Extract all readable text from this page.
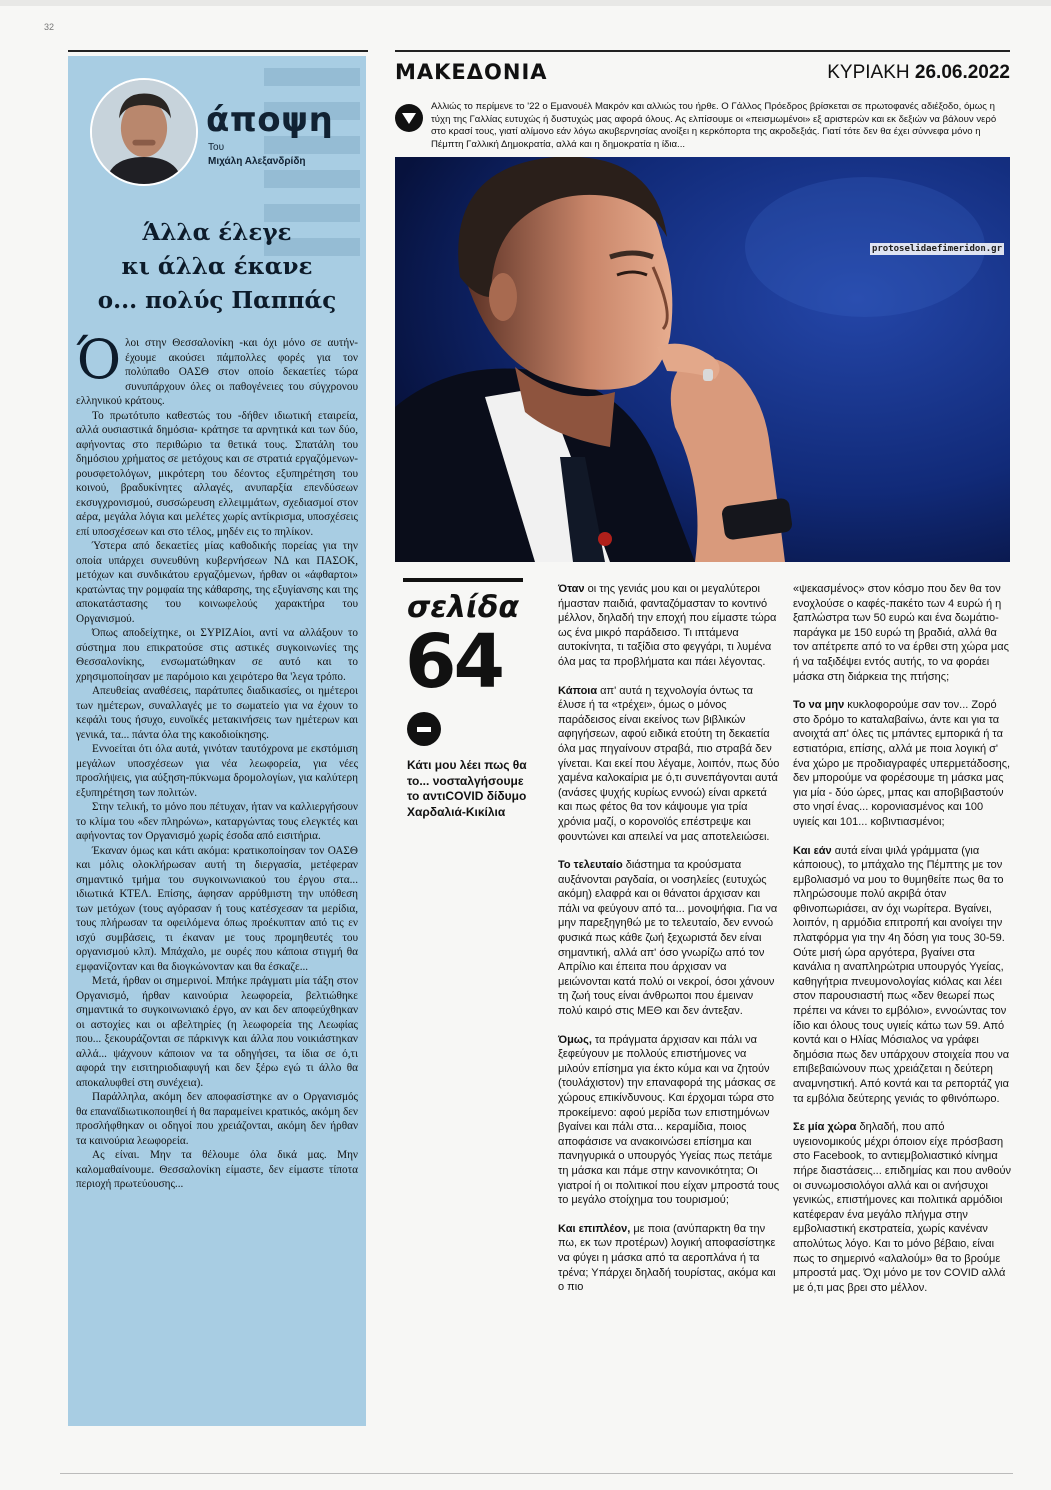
32
άποψη
Του
Μιχάλη Αλεξανδρίδη
Άλλα έλεγε
κι άλλα έκανε
ο... πολύς Παππάς

Όλοι στην Θεσσαλονίκη -και όχι μόνο σε αυτήν- έχουμε ακούσει πάμπολλες φορές για τον πολύπαθο ΟΑΣΘ στον οποίο δεκαετίες τώρα συνυπάρχουν όλες οι παθογένειες του σύγχρονου ελληνικού κράτους.

Το πρωτότυπο καθεστώς του -δήθεν ιδιωτική εταιρεία, αλλά ουσιαστικά δημόσια- κράτησε τα αρνητικά και των δύο, αφήνοντας στο περιθώριο τα θετικά τους. Σπατάλη του δημόσιου χρήματος σε μετόχους και σε στρατιά εργαζόμενων-ρουσφετολόγων, μικρότερη του δέοντος εξυπηρέτηση του κοινού, βραδυκίνητες αλλαγές, ανυπαρξία επενδύσεων εκσυγχρονισμού, συσσώρευση ελλειμμάτων, σχεδιασμοί στον αέρα, μεγάλα λόγια και μελέτες χωρίς αντίκρισμα, υποσχέσεις επί υποσχέσεων και στο τέλος, μηδέν εις το πηλίκον.

Ύστερα από δεκαετίες μίας καθοδικής πορείας για την οποία υπάρχει συνευθύνη κυβερνήσεων ΝΔ και ΠΑΣΟΚ, μετόχων και συνδικάτου εργαζόμενων, ήρθαν οι «άφθαρτοι» κρατώντας την ρομφαία της κάθαρσης, της εξυγίανσης και της αποκατάστασης του κοινωφελούς χαρακτήρα του Οργανισμού.

Όπως αποδείχτηκε, οι ΣΥΡΙΖΑίοι, αντί να αλλάξουν το σύστημα που επικρατούσε στις αστικές συγκοινωνίες της Θεσσαλονίκης, ενσωματώθηκαν σε αυτό και το χρησιμοποίησαν με παρόμοιο και χειρότερο θα 'λεγα τρόπο.

Απευθείας αναθέσεις, παράτυπες διαδικασίες, οι ημέτεροι των ημέτερων, συναλλαγές με το σωματείο για να έχουν το κεφάλι τους ήσυχο, ευνοϊκές μετακινήσεις των ημέτερων και γενικά, τα... πάντα όλα της κακοδιοίκησης.

Εννοείται ότι όλα αυτά, γινόταν ταυτόχρονα με εκστόμιση μεγάλων υποσχέσεων για νέα λεωφορεία, για νέες προσλήψεις, για αύξηση-πύκνωμα δρομολογίων, για καλύτερη εξυπηρέτηση των πολιτών.

Στην τελική, το μόνο που πέτυχαν, ήταν να καλλιεργήσουν το κλίμα του «δεν πληρώνω», καταργώντας τους ελεγκτές και αφήνοντας τον Οργανισμό χωρίς έσοδα από εισιτήρια.

Έκαναν όμως και κάτι ακόμα: κρατικοποίησαν τον ΟΑΣΘ και μόλις ολοκλήρωσαν αυτή τη διεργασία, μετέφεραν σημαντικό τμήμα του συγκοινωνιακού του έργου στα... ιδιωτικά ΚΤΕΛ. Επίσης, άφησαν αρρύθμιστη την υπόθεση των μετόχων (τους αγόρασαν ή τους κατέσχεσαν τα μερίδια, τους πλήρωσαν τα οφειλόμενα όπως προέκυπταν από τις εν ισχύ συμβάσεις, τι έκαναν με τους προμηθευτές του οργανισμού κλπ). Μπάχαλο, με ουρές που κάποια στιγμή θα εμφανίζονταν και θα διογκώνονταν και θα έσκαζε...

Μετά, ήρθαν οι σημερινοί. Μπήκε πράγματι μία τάξη στον Οργανισμό, ήρθαν καινούρια λεωφορεία, βελτιώθηκε σημαντικά το συγκοινωνιακό έργο, αν και δεν αποφεύχθηκαν οι αστοχίες και οι αβελτηρίες (η λεωφορεία της Λεωφίας που... ξεκουράζονται σε πάρκινγκ και άλλα που νοικιάστηκαν αλλά... ψάχνουν κάποιον να τα οδηγήσει, τα ίδια σε ό,τι αφορά την εισιτηριοδιαφυγή και δεν ξέρω εγώ τι άλλο θα αποκαλυφθεί στη συνέχεια).

Παράλληλα, ακόμη δεν αποφασίστηκε αν ο Οργανισμός θα επαναϊδιωτικοποιηθεί ή θα παραμείνει κρατικός, ακόμη δεν προσλήφθηκαν οι οδηγοί που χρειάζονται, ακόμη δεν ήρθαν τα καινούρια λεωφορεία.

Ας είναι. Μην τα θέλουμε όλα δικά μας. Μην καλομαθαίνουμε. Θεσσαλονίκη είμαστε, δεν είμαστε τίποτα περιοχή πρωτεύουσης...

ΜΑΚΕΔΟΝΙΑ	ΚΥΡΙΑΚΗ 26.06.2022

Αλλιώς το περίμενε το '22 ο Εμανουέλ Μακρόν και αλλιώς του ήρθε. Ο Γάλλος Πρόεδρος βρίσκεται σε πρωτοφανές αδιέξοδο, όμως η τύχη της Γαλλίας ευτυχώς ή δυστυχώς μας αφορά όλους. Ας ελπίσουμε οι «πεισμωμένοι» εξ αριστερών και εκ δεξιών να βάλουν νερό στο κρασί τους, γιατί αλίμονο εάν λόγω ακυβερνησίας ανοίξει η κερκόπορτα της ακροδεξιάς. Γιατί τότε δεν θα έχει σύννεφα μόνο η Πέμπτη Γαλλική Δημοκρατία, αλλά και η δημοκρατία η ίδια...

protoselidaefimeridon.gr
σελίδα
64
Κάτι μου λέει πως θα το... νοσταλγήσουμε το αντιCOVID δίδυμο Χαρδαλιά-Κικίλια

Όταν οι της γενιάς μου και οι μεγαλύτεροι ήμασταν παιδιά, φανταζόμασταν το κοντινό μέλλον, δηλαδή την εποχή που είμαστε τώρα ως ένα μικρό παράδεισο. Τι ιπτάμενα αυτοκίνητα, τι ταξίδια στο φεγγάρι, τι λυμένα όλα μας τα προβλήματα και πάει λέγοντας.

Κάποια απ' αυτά η τεχνολογία όντως τα έλυσε ή τα «τρέχει», όμως ο μόνος παράδεισος είναι εκείνος των βιβλικών αφηγήσεων, αφού ειδικά ετούτη τη δεκαετία όλα μας πηγαίνουν στραβά, πιο στραβά δεν γίνεται. Και εκεί που λέγαμε, λοιπόν, πως δύο χαμένα καλοκαίρια με ό,τι συνεπάγονται αυτά (ανάσες ψυχής κυρίως εννοώ) είναι αρκετά και πως φέτος θα τον κάψουμε για τρία χρόνια μαζί, ο κορονοϊός επέστρεψε και φουντώνει και απειλεί να μας αποτελειώσει.

Το τελευταίο διάστημα τα κρούσματα αυξάνονται ραγδαία, οι νοσηλείες (ευτυχώς ακόμη) ελαφρά και οι θάνατοι άρχισαν και πάλι να φεύγουν από τα... μονοψήφια. Για να μην παρεξηγηθώ με το τελευταίο, δεν εννοώ φυσικά πως κάθε ζωή ξεχωριστά δεν είναι σημαντική, αλλά απ' όσο γνωρίζω από τον Απρίλιο και έπειτα που άρχισαν να μειώνονται κατά πολύ οι νεκροί, όσοι χάνουν τη ζωή τους είναι άνθρωποι που έμειναν πολύ καιρό στις ΜΕΘ και δεν άντεξαν.

Όμως, τα πράγματα άρχισαν και πάλι να ξεφεύγουν με πολλούς επιστήμονες να μιλούν επίσημα για έκτο κύμα και να ζητούν (τουλάχιστον) την επαναφορά της μάσκας σε χώρους επικίνδυνους. Και έρχομαι τώρα στο προκείμενο: αφού μερίδα των επιστημόνων βγαίνει και πάλι στα... κεραμίδια, ποιος αποφάσισε να ανακοινώσει επίσημα και πανηγυρικά ο υπουργός Υγείας πως πετάμε τη μάσκα και πάμε στην κανονικότητα; Οι γιατροί ή οι πολιτικοί που είχαν μπροστά τους το μεγάλο στοίχημα του τουρισμού;

Και επιπλέον, με ποια (ανύπαρκτη θα την πω, εκ των προτέρων) λογική αποφασίστηκε να φύγει η μάσκα από τα αεροπλάνα ή τα τρένα; Υπάρχει δηλαδή τουρίστας, ακόμα και ο πιο

«ψεκασμένος» στον κόσμο που δεν θα τον ενοχλούσε ο καφές-πακέτο των 4 ευρώ ή η ξαπλώστρα των 50 ευρώ και ένα δωμάτιο-παράγκα με 150 ευρώ τη βραδιά, αλλά θα τον απέτρεπε από το να έρθει στη χώρα μας ή να ταξιδέψει εντός αυτής, το να φοράει μάσκα στη διάρκεια της πτήσης;

Το να μην κυκλοφορούμε σαν τον... Ζορό στο δρόμο το καταλαβαίνω, άντε και για τα ανοιχτά απ' όλες τις μπάντες εμπορικά ή τα εστιατόρια, επίσης, αλλά με ποια λογική σ' ένα χώρο με προδιαγραφές υπερμετάδοσης, δεν μπορούμε να φορέσουμε τη μάσκα μας για μία - δύο ώρες, μπας και αποβιβαστούν στο νησί ένας... κορονιασμένος και 100 υγιείς και 101... κοβιντιασμένοι;

Και εάν αυτά είναι ψιλά γράμματα (για κάποιους), το μπάχαλο της Πέμπτης με τον εμβολιασμό να μου το θυμηθείτε πως θα το πληρώσουμε πολύ ακριβά όταν φθινοπωριάσει, αν όχι νωρίτερα. Βγαίνει, λοιπόν, η αρμόδια επιτροπή και ανοίγει την πλατφόρμα για την 4η δόση για τους 30-59. Ούτε μισή ώρα αργότερα, βγαίνει στα κανάλια η αναπληρώτρια υπουργός Υγείας, καθηγήτρια πνευμονολογίας κιόλας και λέει στον παρουσιαστή πως «δεν θεωρεί πως πρέπει να κάνει το εμβόλιο», εννοώντας τον ίδιο και όλους τους υγιείς κάτω των 59. Από κοντά και ο Ηλίας Μόσιαλος να γράφει δημόσια πως δεν υπάρχουν στοιχεία που να επιβεβαιώνουν πως χρειάζεται η δεύτερη αναμνηστική. Από κοντά και τα ρεπορτάζ για τα εμβόλια δεύτερης γενιάς το φθινόπωρο.

Σε μία χώρα δηλαδή, που από υγειονομικούς μέχρι όποιον είχε πρόσβαση στο Facebook, το αντιεμβολιαστικό κίνημα πήρε διαστάσεις... επιδημίας και που ανθούν οι συνωμοσιολόγοι αλλά και οι ανήσυχοι γενικώς, επιστήμονες και πολιτικά αρμόδιοι κατέφεραν ένα μεγάλο πλήγμα στην εμβολιαστική εκστρατεία, χωρίς κανέναν απολύτως λόγο. Και το μόνο βέβαιο, είναι πως το σημερινό «αλαλούμ» θα το βρούμε μπροστά μας. Όχι μόνο με τον COVID αλλά με ό,τι μας βρει στο μέλλον.
